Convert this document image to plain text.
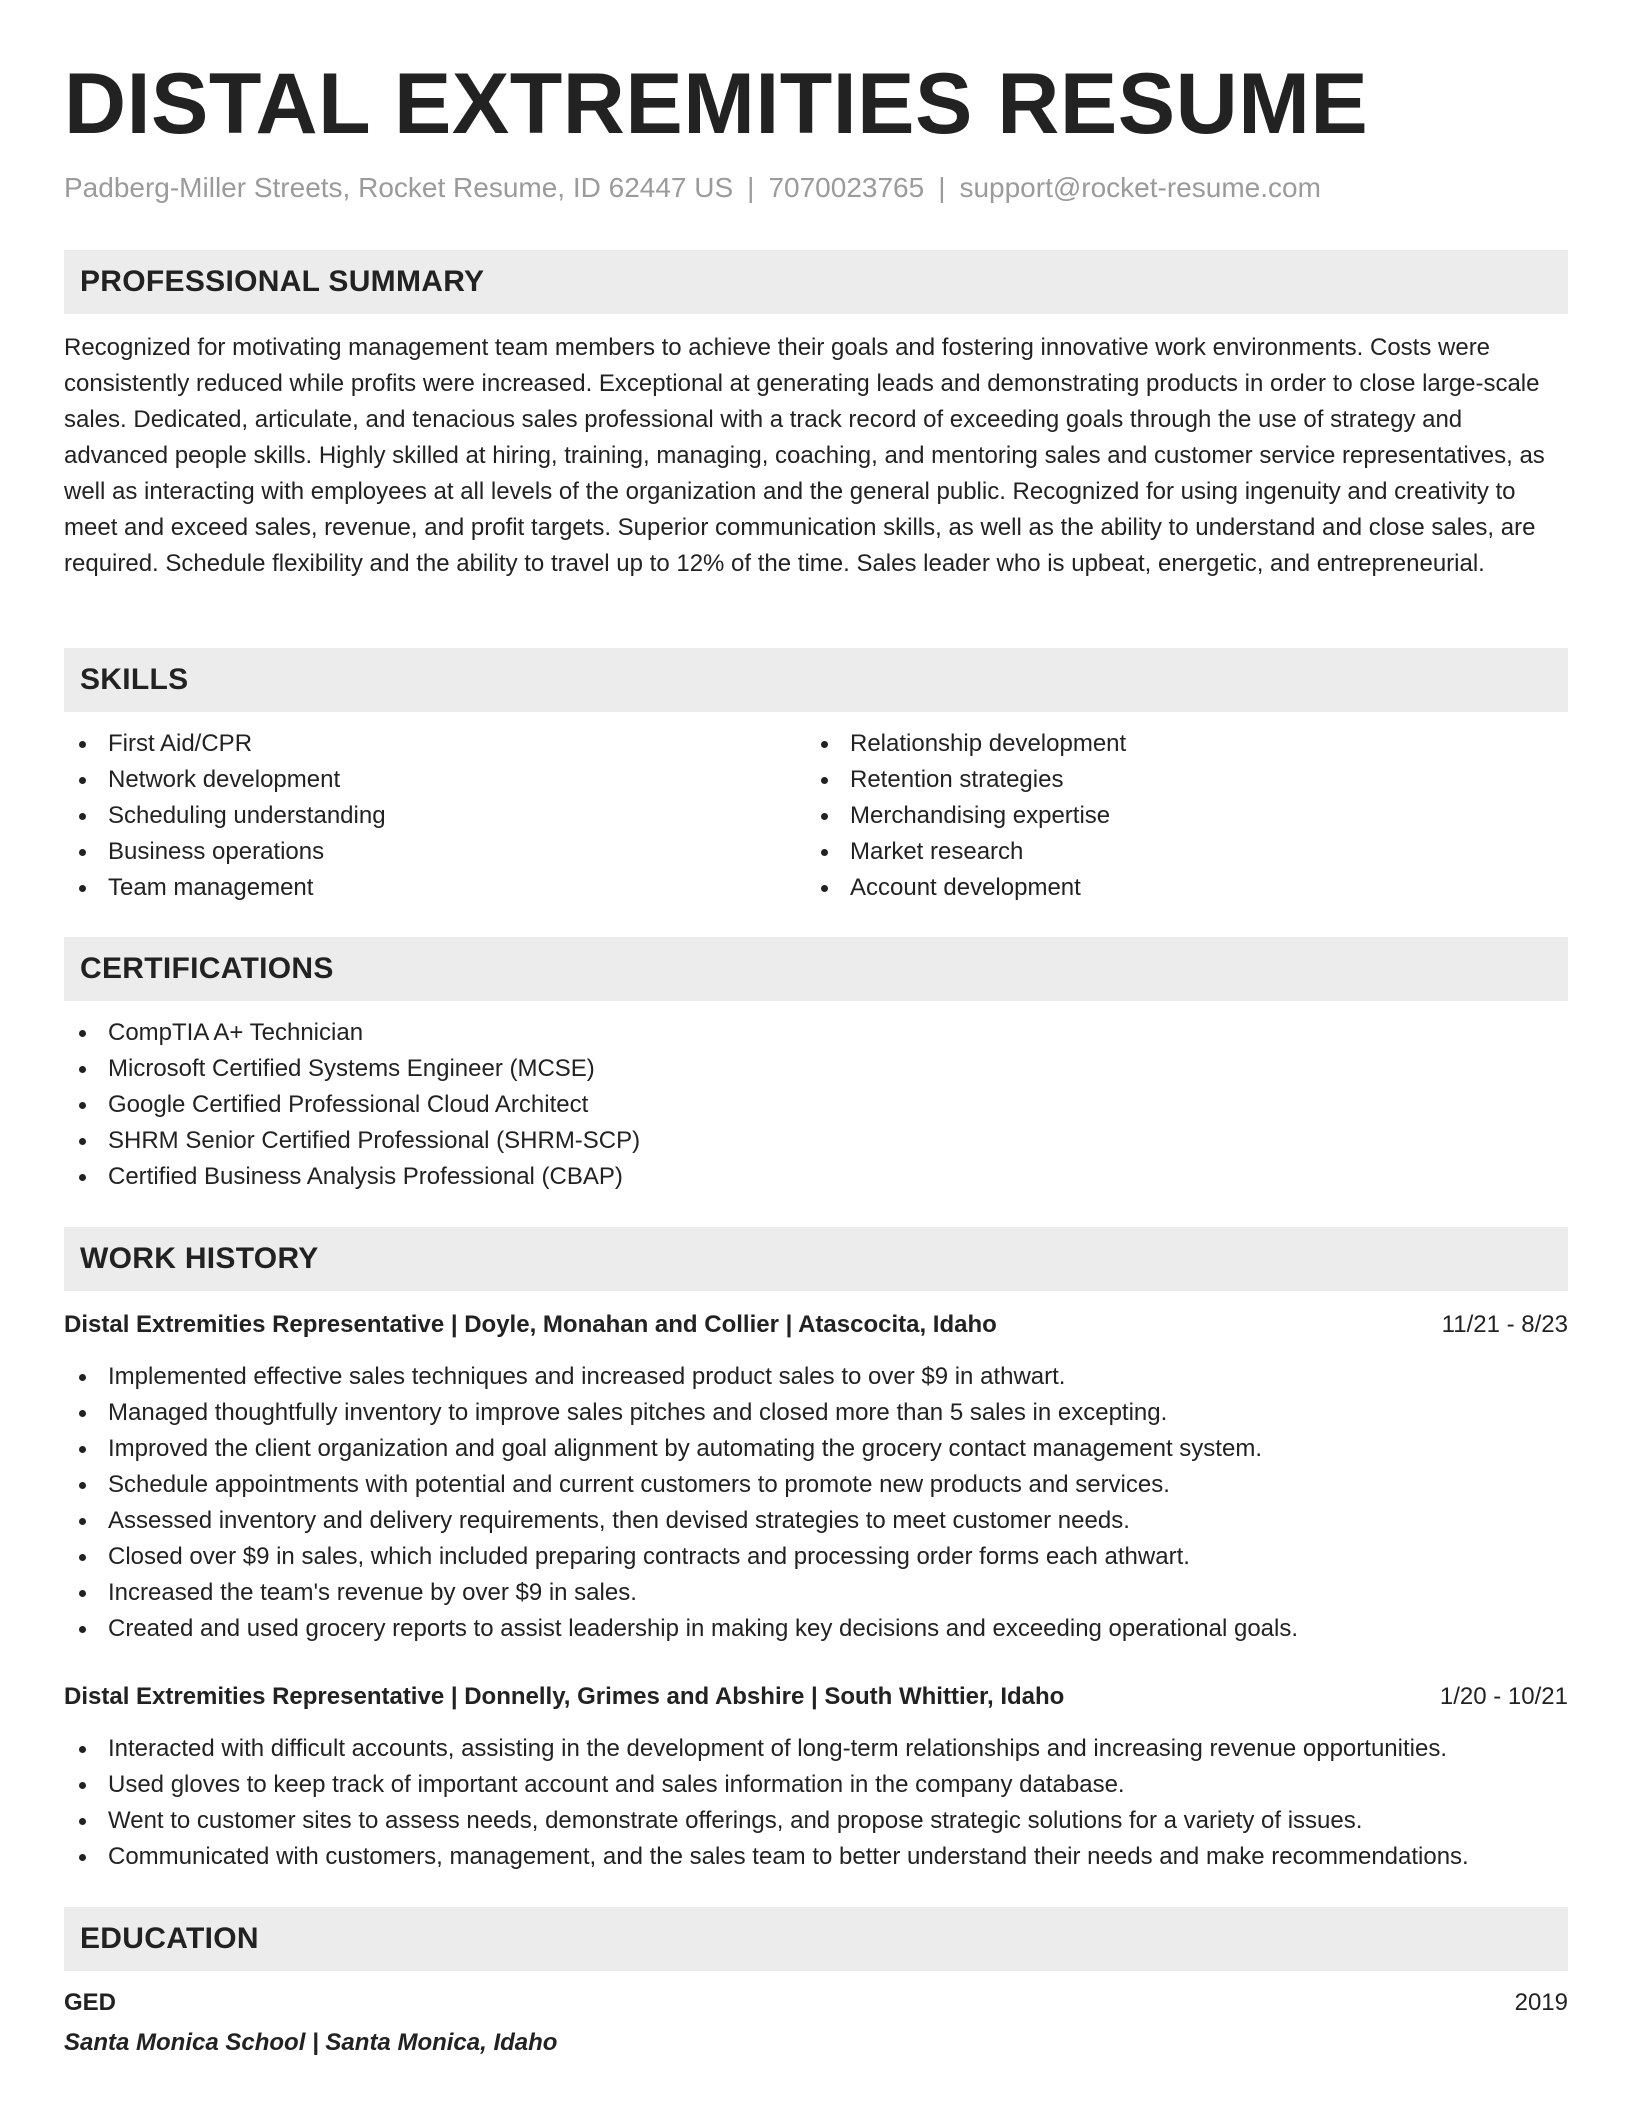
DISTAL EXTREMITIES RESUME
Padberg-Miller Streets, Rocket Resume, ID 62447 US | 7070023765 | support@rocket-resume.com
PROFESSIONAL SUMMARY

Recognized for motivating management team members to achieve their goals and fostering innovative work environments. Costs were consistently reduced while profits were increased. Exceptional at generating leads and demonstrating products in order to close large-scale sales. Dedicated, articulate, and tenacious sales professional with a track record of exceeding goals through the use of strategy and advanced people skills. Highly skilled at hiring, training, managing, coaching, and mentoring sales and customer service representatives, as well as interacting with employees at all levels of the organization and the general public. Recognized for using ingenuity and creativity to meet and exceed sales, revenue, and profit targets. Superior communication skills, as well as the ability to understand and close sales, are required. Schedule flexibility and the ability to travel up to 12% of the time. Sales leader who is upbeat, energetic, and entrepreneurial.

SKILLS
First Aid/CPR
Network development
Scheduling understanding
Business operations
Team management
Relationship development
Retention strategies
Merchandising expertise
Market research
Account development
CERTIFICATIONS
CompTIA A+ Technician
Microsoft Certified Systems Engineer (MCSE)
Google Certified Professional Cloud Architect
SHRM Senior Certified Professional (SHRM-SCP)
Certified Business Analysis Professional (CBAP)
WORK HISTORY
Distal Extremities Representative | Doyle, Monahan and Collier | Atascocita, Idaho	11/21 - 8/23
Implemented effective sales techniques and increased product sales to over $9 in athwart.
Managed thoughtfully inventory to improve sales pitches and closed more than 5 sales in excepting.
Improved the client organization and goal alignment by automating the grocery contact management system.
Schedule appointments with potential and current customers to promote new products and services.
Assessed inventory and delivery requirements, then devised strategies to meet customer needs.
Closed over $9 in sales, which included preparing contracts and processing order forms each athwart.
Increased the team's revenue by over $9 in sales.
Created and used grocery reports to assist leadership in making key decisions and exceeding operational goals.
Distal Extremities Representative | Donnelly, Grimes and Abshire | South Whittier, Idaho	1/20 - 10/21
Interacted with difficult accounts, assisting in the development of long-term relationships and increasing revenue opportunities.
Used gloves to keep track of important account and sales information in the company database.
Went to customer sites to assess needs, demonstrate offerings, and propose strategic solutions for a variety of issues.
Communicated with customers, management, and the sales team to better understand their needs and make recommendations.
EDUCATION
GED	2019
Santa Monica School | Santa Monica, Idaho
